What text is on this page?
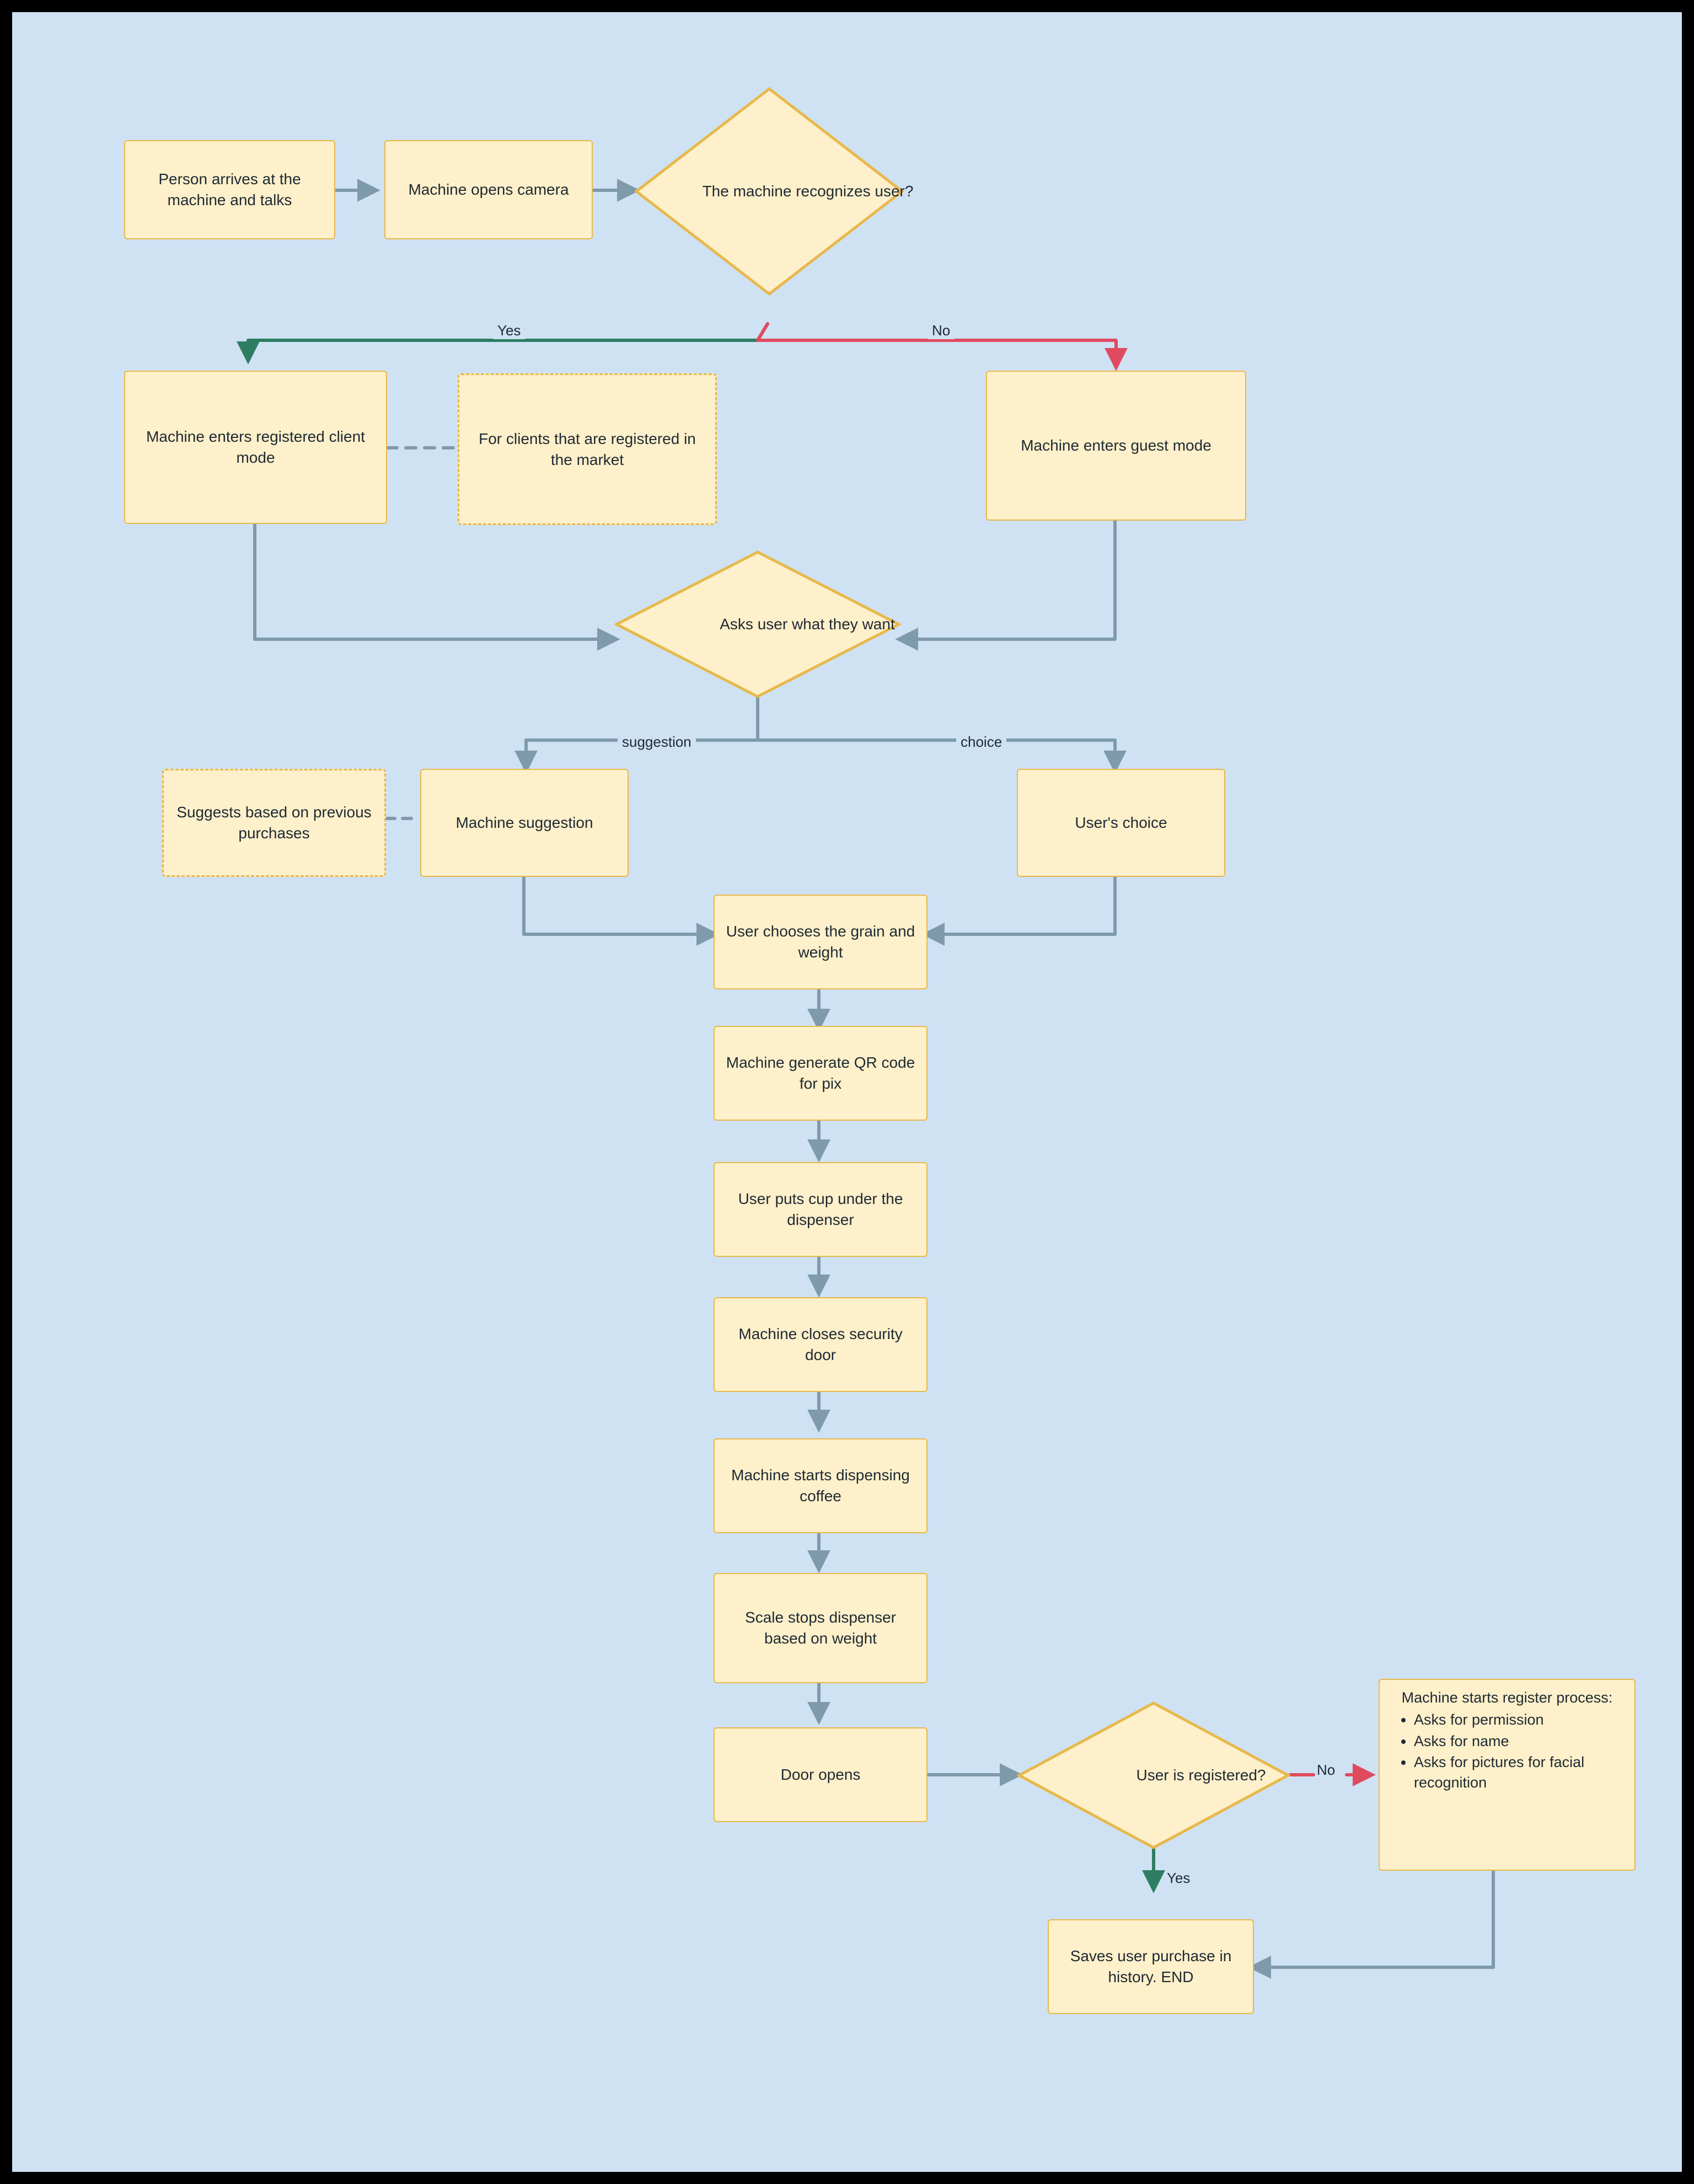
Person arrives at the machine and talks
Machine opens camera	The machine recognizes user?
Yes	No
Machine enters registered client mode
For clients that are registered in the market
Machine enters guest mode
Asks user what they want
suggestion	choice
Suggests based on previous purchases
Machine suggestion	User's choice
User chooses the grain and weight
Machine generate QR code for pix
User puts cup under the dispenser
Machine closes security door
Machine starts dispensing coffee
Scale stops dispenser based on weight
Door opens	User is registered?	No
Yes
Machine starts register process:
• Asks for permission
• Asks for name
• Asks for pictures for facial recognition
Saves user purchase in history. END
